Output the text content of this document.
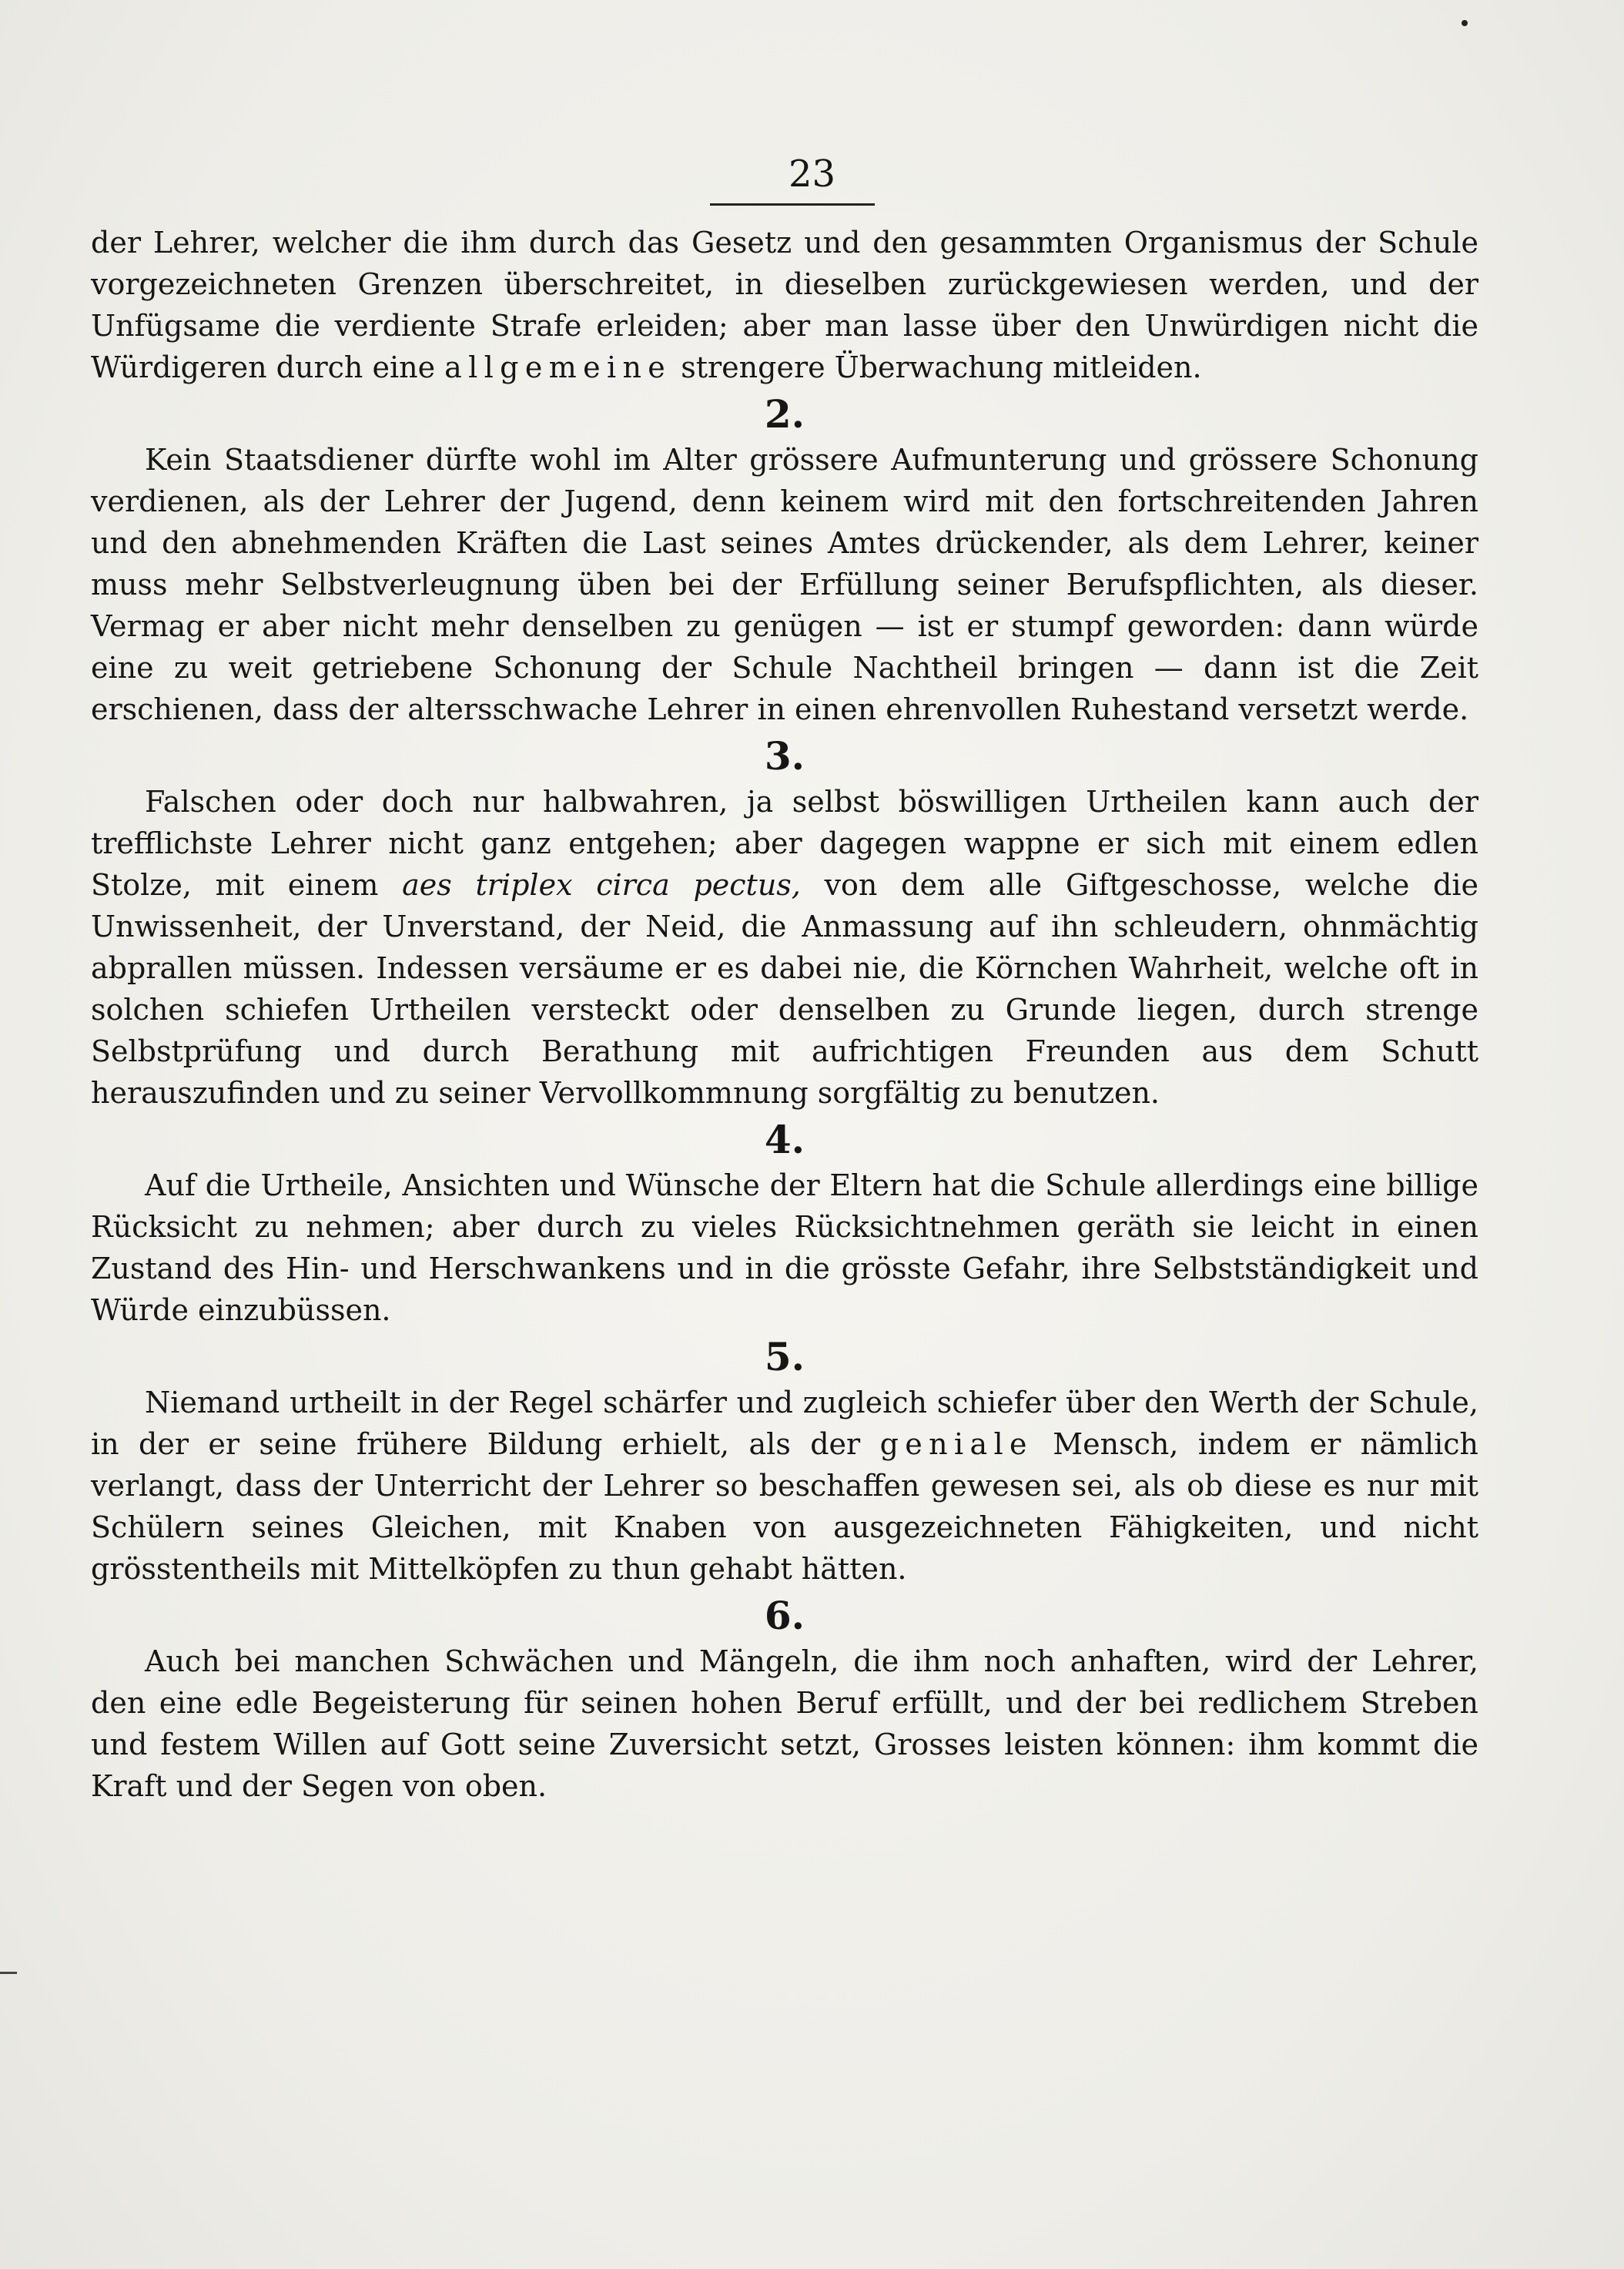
23

der Lehrer, welcher die ihm durch das Gesetz und den gesammten Organismus der Schule vorgezeichneten Grenzen überschreitet, in dieselben zurückgewiesen werden, und der Unfügsame die verdiente Strafe erleiden; aber man lasse über den Unwürdigen nicht die Würdigeren durch eine allgemeine strengere Überwachung mitleiden.

2.

Kein Staatsdiener dürfte wohl im Alter grössere Aufmunterung und grössere Schonung verdienen, als der Lehrer der Jugend, denn keinem wird mit den fortschreitenden Jahren und den abnehmenden Kräften die Last seines Amtes drückender, als dem Lehrer, keiner muss mehr Selbstverleugnung üben bei der Erfüllung seiner Berufspflichten, als dieser. Vermag er aber nicht mehr denselben zu genügen — ist er stumpf geworden: dann würde eine zu weit getriebene Schonung der Schule Nachtheil bringen — dann ist die Zeit erschienen, dass der altersschwache Lehrer in einen ehrenvollen Ruhestand versetzt werde.

3.

Falschen oder doch nur halbwahren, ja selbst böswilligen Urtheilen kann auch der trefflichste Lehrer nicht ganz entgehen; aber dagegen wappne er sich mit einem edlen Stolze, mit einem aes triplex circa pectus, von dem alle Giftgeschosse, welche die Unwissenheit, der Unverstand, der Neid, die Anmassung auf ihn schleudern, ohnmächtig abprallen müssen. Indessen versäume er es dabei nie, die Körnchen Wahrheit, welche oft in solchen schiefen Urtheilen versteckt oder denselben zu Grunde liegen, durch strenge Selbstprüfung und durch Berathung mit aufrichtigen Freunden aus dem Schutt herauszufinden und zu seiner Vervollkommnung sorgfältig zu benutzen.

4.

Auf die Urtheile, Ansichten und Wünsche der Eltern hat die Schule allerdings eine billige Rücksicht zu nehmen; aber durch zu vieles Rücksichtnehmen geräth sie leicht in einen Zustand des Hin- und Herschwankens und in die grösste Gefahr, ihre Selbstständigkeit und Würde einzubüssen.

5.

Niemand urtheilt in der Regel schärfer und zugleich schiefer über den Werth der Schule, in der er seine frühere Bildung erhielt, als der geniale Mensch, indem er nämlich verlangt, dass der Unterricht der Lehrer so beschaffen gewesen sei, als ob diese es nur mit Schülern seines Gleichen, mit Knaben von ausgezeichneten Fähigkeiten, und nicht grösstentheils mit Mittelköpfen zu thun gehabt hätten.

6.

Auch bei manchen Schwächen und Mängeln, die ihm noch anhaften, wird der Lehrer, den eine edle Begeisterung für seinen hohen Beruf erfüllt, und der bei redlichem Streben und festem Willen auf Gott seine Zuversicht setzt, Grosses leisten können: ihm kommt die Kraft und der Segen von oben.
